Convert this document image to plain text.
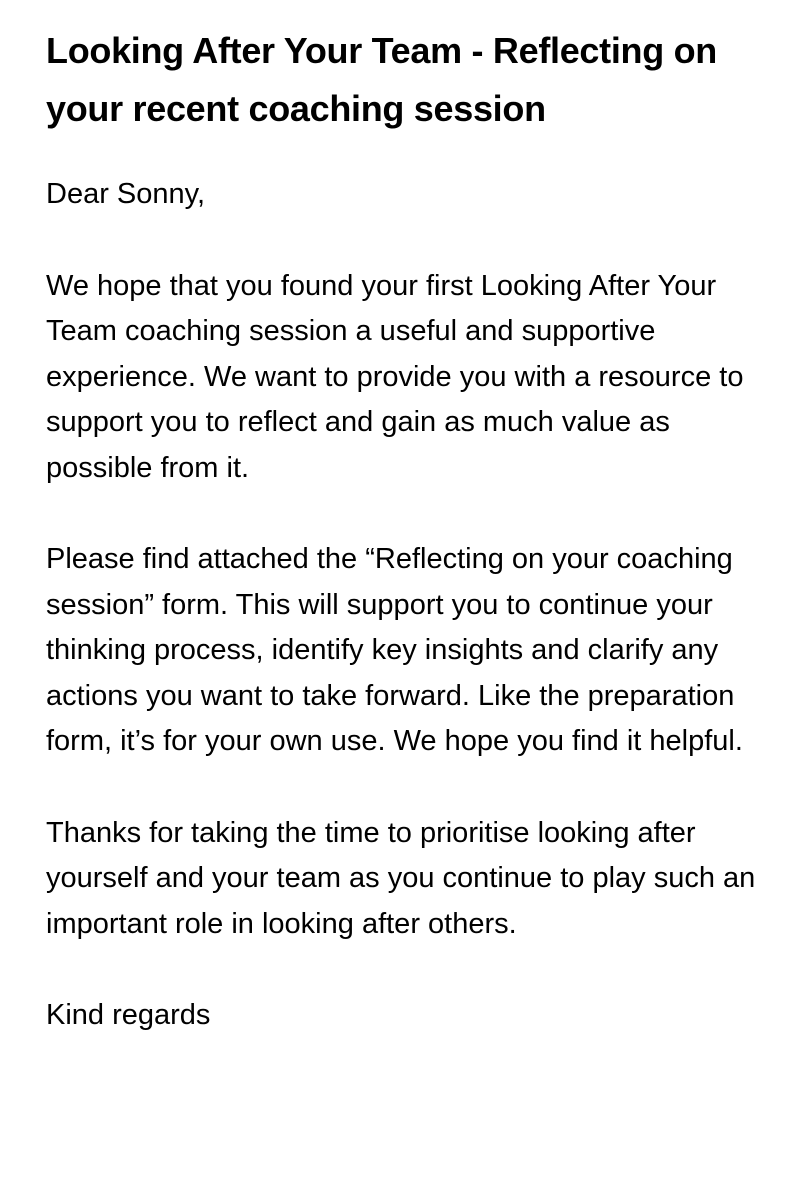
Looking After Your Team - Reflecting on your recent coaching session

Dear Sonny,

We hope that you found your first Looking After Your Team coaching session a useful and supportive experience. We want to provide you with a resource to support you to reflect and gain as much value as possible from it.

Please find attached the “Reflecting on your coaching session” form. This will support you to continue your thinking process, identify key insights and clarify any actions you want to take forward. Like the preparation form, it’s for your own use. We hope you find it helpful.

Thanks for taking the time to prioritise looking after yourself and your team as you continue to play such an important role in looking after others.

Kind regards
